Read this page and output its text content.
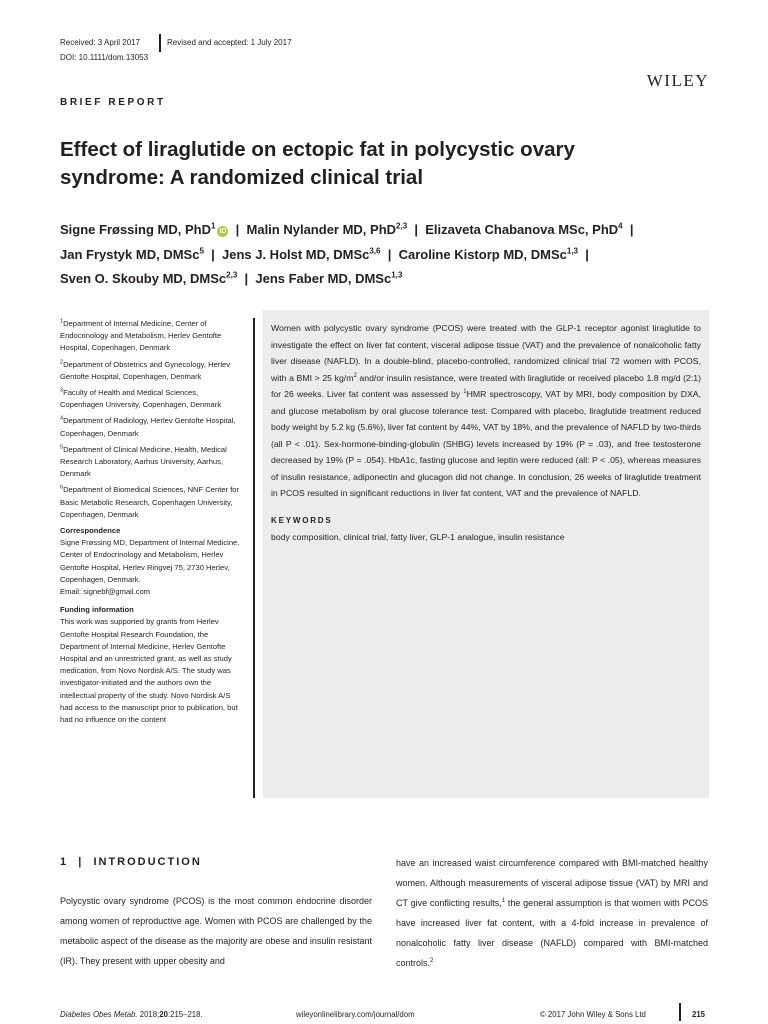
Received: 3 April 2017	Revised and accepted: 1 July 2017
DOI: 10.1111/dom.13053
WILEY
BRIEF REPORT
Effect of liraglutide on ectopic fat in polycystic ovary syndrome: A randomized clinical trial
Signe Frøssing MD, PhD$^1$iD  |  Malin Nylander MD, PhD$^{2,3}$  |  Elizaveta Chabanova MSc, PhD$^4$  |
Jan Frystyk MD, DMSc$^5$  |  Jens J. Holst MD, DMSc$^{3,6}$  |  Caroline Kistorp MD, DMSc$^{1,3}$  |
Sven O. Skouby MD, DMSc$^{2,3}$  |  Jens Faber MD, DMSc$^{1,3}$

$^1$Department of Internal Medicine, Center of Endocrinology and Metabolism, Herlev Gentofte Hospital, Copenhagen, Denmark

$^2$Department of Obstetrics and Gynecology, Herlev Gentofte Hospital, Copenhagen, Denmark

$^3$Faculty of Health and Medical Sciences, Copenhagen University, Copenhagen, Denmark

$^4$Department of Radiology, Herlev Gentofte Hospital, Copenhagen, Denmark

$^5$Department of Clinical Medicine, Health, Medical Research Laboratory, Aarhus University, Aarhus, Denmark

$^6$Department of Biomedical Sciences, NNF Center for Basic Metabolic Research, Copenhagen University, Copenhagen, Denmark

Correspondence
Signe Frøssing MD, Department of Internal Medicine, Center of Endocrinology and Metabolism, Herlev Gentofte Hospital, Herlev Ringvej 75, 2730 Herlev, Copenhagen, Denmark.
Email: signebf@gmail.com

Funding information
This work was supported by grants from Herlev Gentofte Hospital Research Foundation, the Department of Internal Medicine, Herlev Gentofte Hospital and an unrestricted grant, as well as study medication, from Novo Nordisk A/S. The study was investigator-initiated and the authors own the intellectual property of the study. Novo Nordisk A/S had access to the manuscript prior to publication, but had no influence on the content

Women with polycystic ovary syndrome (PCOS) were treated with the GLP-1 receptor agonist liraglutide to investigate the effect on liver fat content, visceral adipose tissue (VAT) and the prevalence of nonalcoholic fatty liver disease (NAFLD). In a double-blind, placebo-controlled, randomized clinical trial 72 women with PCOS, with a BMI > 25 $kg/m^2$ and/or insulin resistance, were treated with liraglutide or received placebo 1.8 mg/d (2:1) for 26 weeks. Liver fat content was assessed by $^1$HMR spectroscopy, VAT by MRI, body composition by DXA, and glucose metabolism by oral glucose tolerance test. Compared with placebo, liraglutide treatment reduced body weight by 5.2 kg (5.6%), liver fat content by 44%, VAT by 18%, and the prevalence of NAFLD by two-thirds (all P < .01). Sex-hormone-binding-globulin (SHBG) levels increased by 19% (P = .03), and free testosterone decreased by 19% (P = .054). HbA1c, fasting glucose and leptin were reduced (all: P < .05), whereas measures of insulin resistance, adiponectin and glucagon did not change. In conclusion, 26 weeks of liraglutide treatment in PCOS resulted in significant reductions in liver fat content, VAT and the prevalence of NAFLD.
KEYWORDS
body composition, clinical trial, fatty liver, GLP-1 analogue, insulin resistance
1  |  INTRODUCTION
Polycystic ovary syndrome (PCOS) is the most common endocrine disorder among women of reproductive age. Women with PCOS are challenged by the metabolic aspect of the disease as the majority are obese and insulin resistant (IR). They present with upper obesity and
have an increased waist circumference compared with BMI-matched healthy women. Although measurements of visceral adipose tissue (VAT) by MRI and CT give conflicting results,$^1$ the general assumption is that women with PCOS have increased liver fat content, with a 4-fold increase in prevalence of nonalcoholic fatty liver disease (NAFLD) compared with BMI-matched controls.$^2$
Diabetes Obes Metab. 2018;20:215–218.	wileyonlinelibrary.com/journal/dom	© 2017 John Wiley & Sons Ltd	215
